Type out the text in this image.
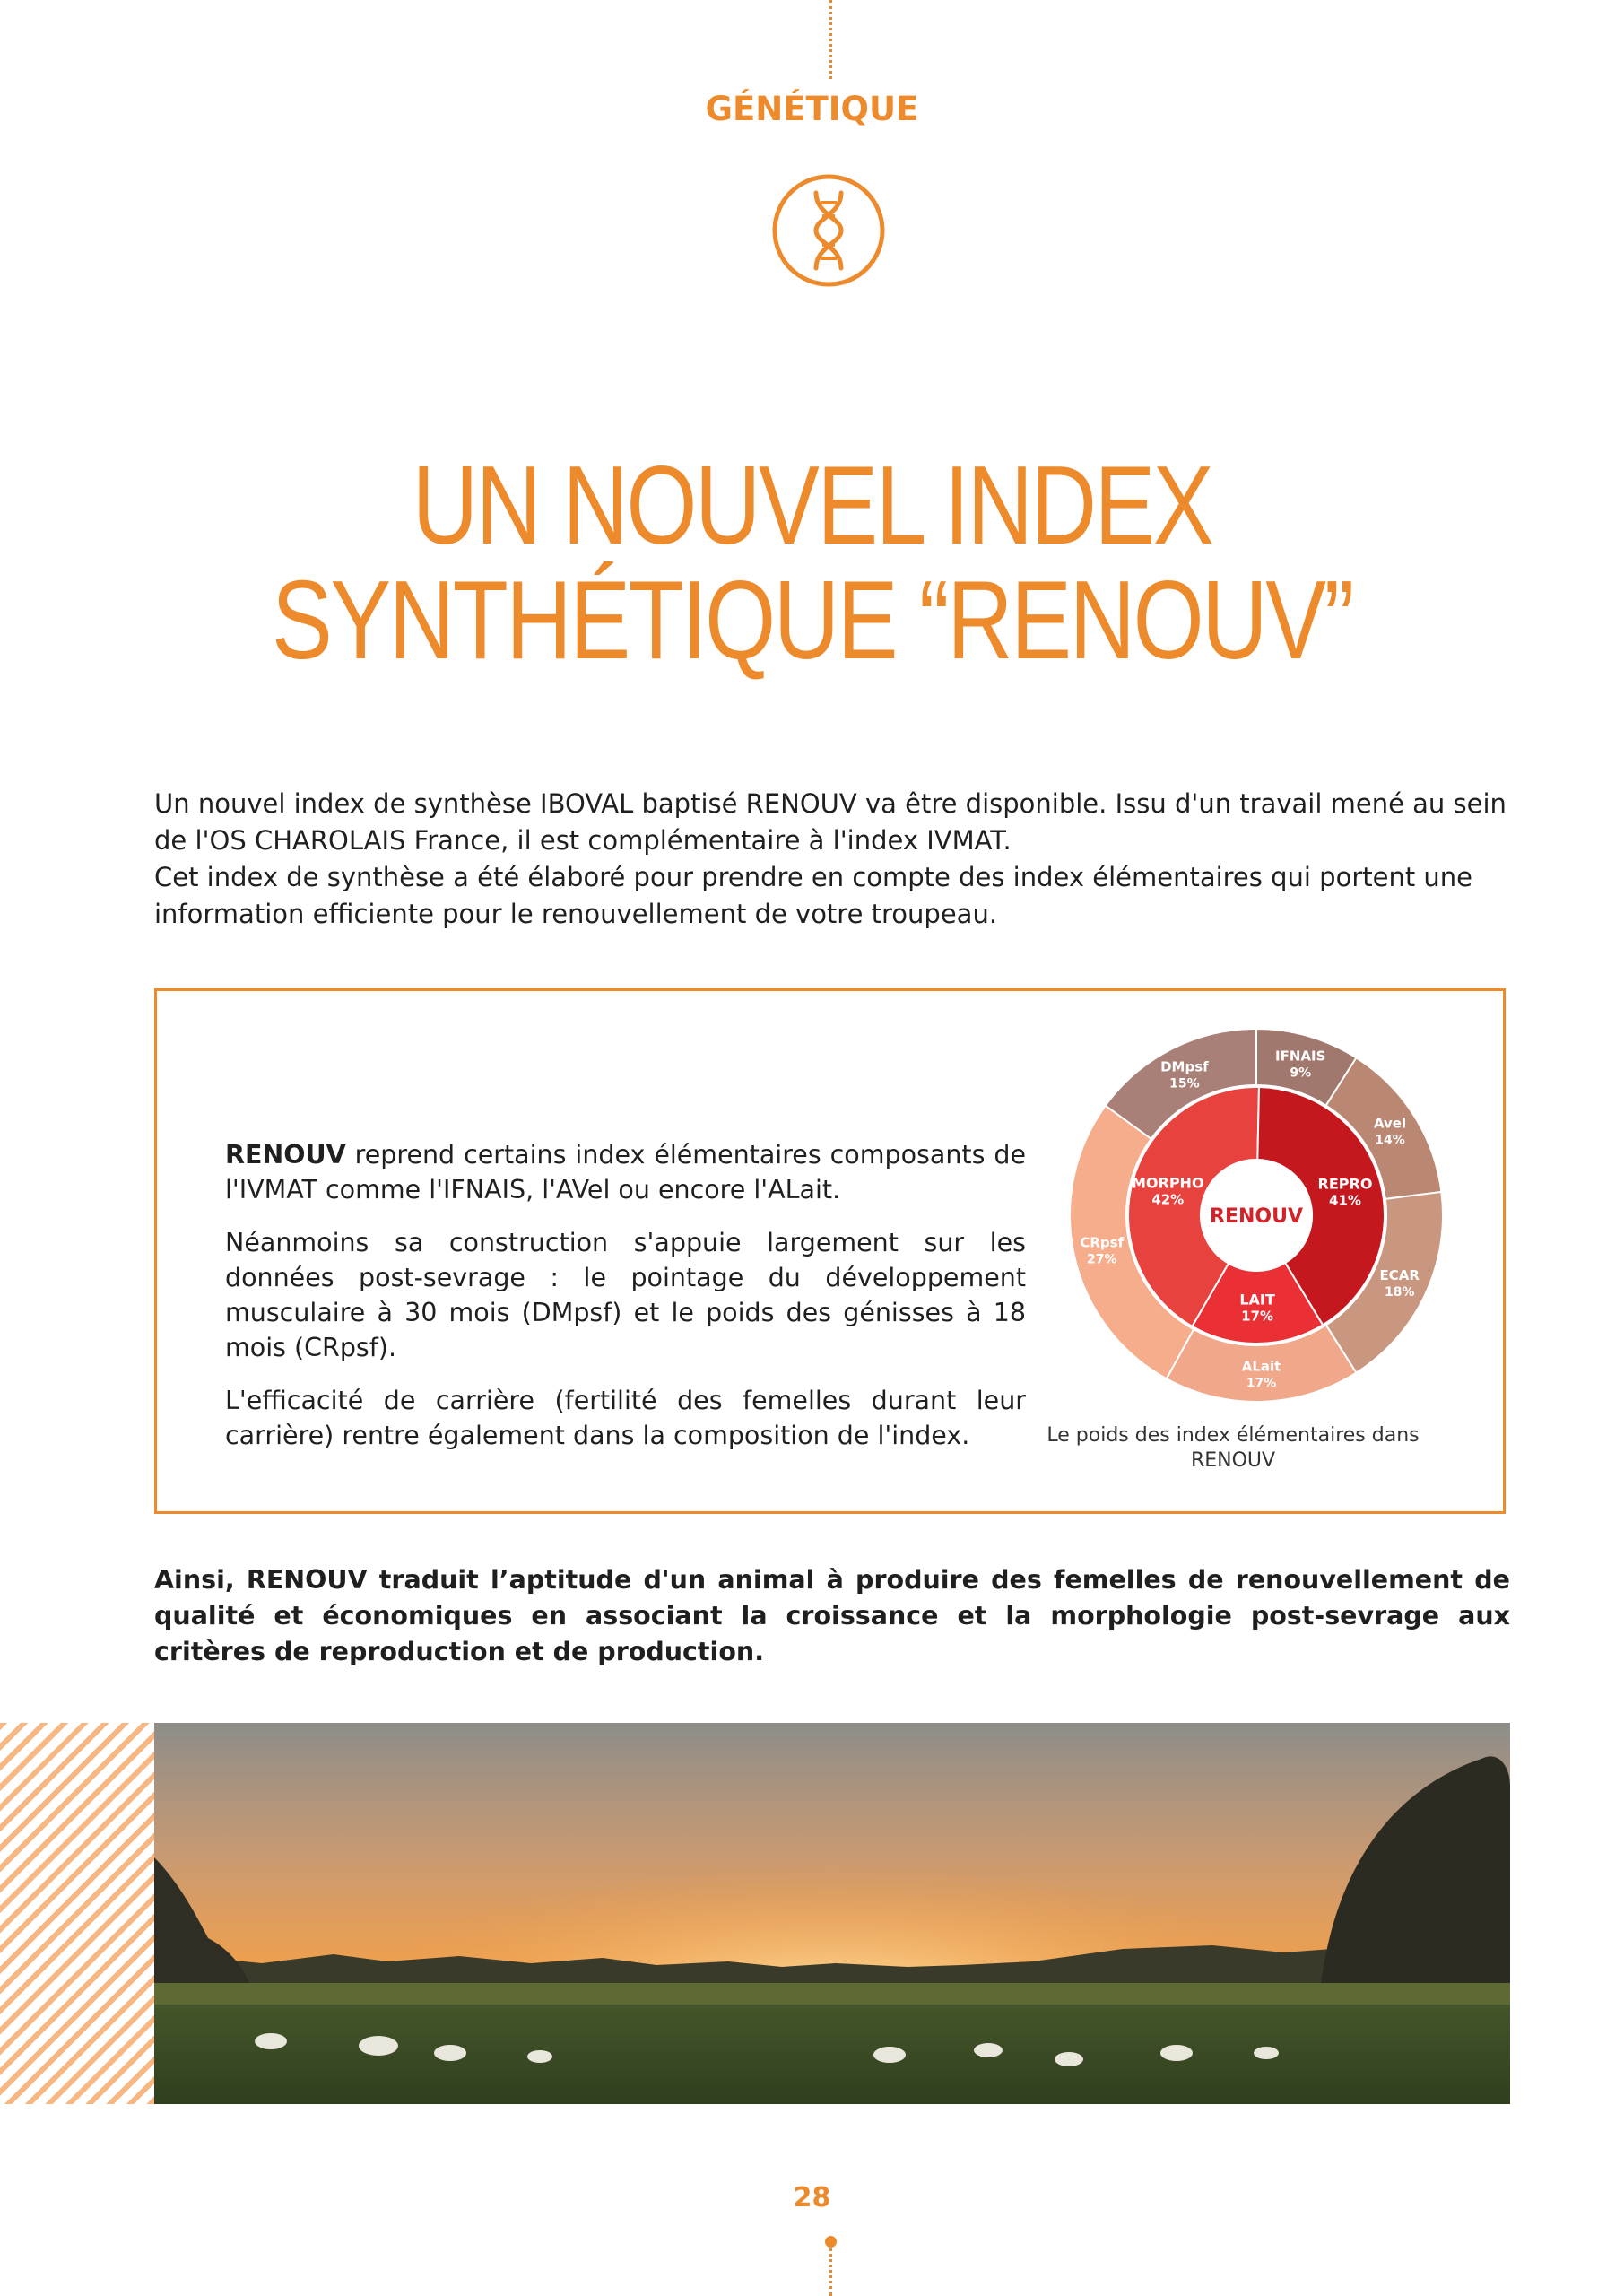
GÉNÉTIQUE
UN NOUVEL INDEX
SYNTHÉTIQUE “RENOUV”

Un nouvel index de synthèse IBOVAL baptisé RENOUV va être disponible. Issu d'un travail mené au sein de l'OS CHAROLAIS France, il est complémentaire à l'index IVMAT.

Cet index de synthèse a été élaboré pour prendre en compte des index élémentaires qui portent une information efficiente pour le renouvellement de votre troupeau.

RENOUV reprend certains index élémentaires composants de l'IVMAT comme l'IFNAIS, l'AVel ou encore l'ALait.

Néanmoins sa construction s'appuie largement sur les données post-sevrage : le pointage du développement musculaire à 30 mois (DMpsf) et le poids des génisses à 18 mois (CRpsf).

L'efficacité de carrière (fertilité des femelles durant leur carrière) rentre également dans la composition de l'index.

IFNAIS
9%
Avel
14%
ECAR
18%
ALait
17%
CRpsf
27%
DMpsf
15%
MORPHO
42%
REPRO
41%
LAIT
17%
RENOUV
Le poids des index élémentaires dans RENOUV
Ainsi, RENOUV traduit l’aptitude d'un animal à produire des femelles de renouvellement de qualité et économiques en associant la croissance et la morphologie post-sevrage aux critères de reproduction et de production.
28
